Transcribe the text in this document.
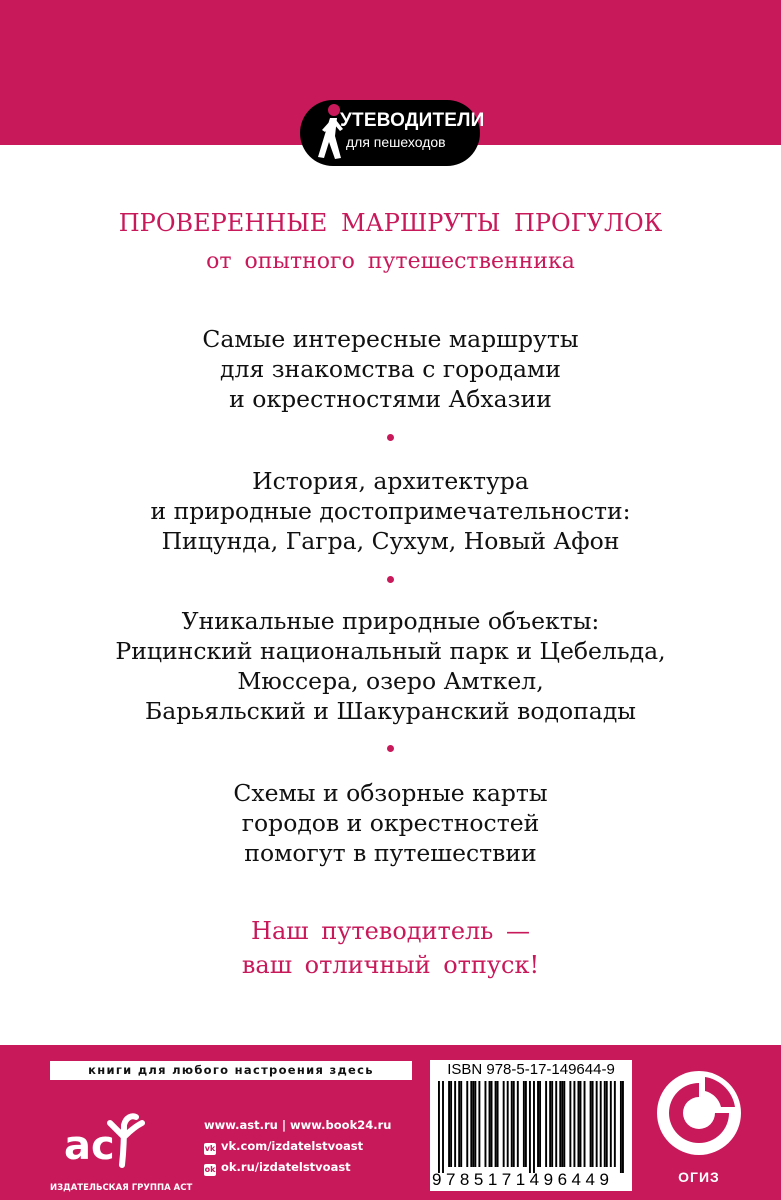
УТЕВОДИТЕЛИ
для пешеходов
ПРОВЕРЕННЫЕ МАРШРУТЫ ПРОГУЛОК
от опытного путешественника
Самые интересные маршруты
для знакомства с городами
и окрестностями Абхазии
История, архитектура
и природные достопримечательности:
Пицунда, Гагра, Сухум, Новый Афон
Уникальные природные объекты:
Рицинский национальный парк и Цебельда,
Мюссера, озеро Амткел,
Барьяльский и Шакуранский водопады
Схемы и обзорные карты
городов и окрестностей
помогут в путешествии
Наш путеводитель —
ваш отличный отпуск!
книги для любого настроения здесь
ac
ИЗДАТЕЛЬСКАЯ ГРУППА АСТ
www.ast.ru | www.book24.ru
vk vk.com/izdatelstvoast
ok ok.ru/izdatelstvoast
ISBN 978-5-17-149644-9
9785171496449	ОГИЗ
